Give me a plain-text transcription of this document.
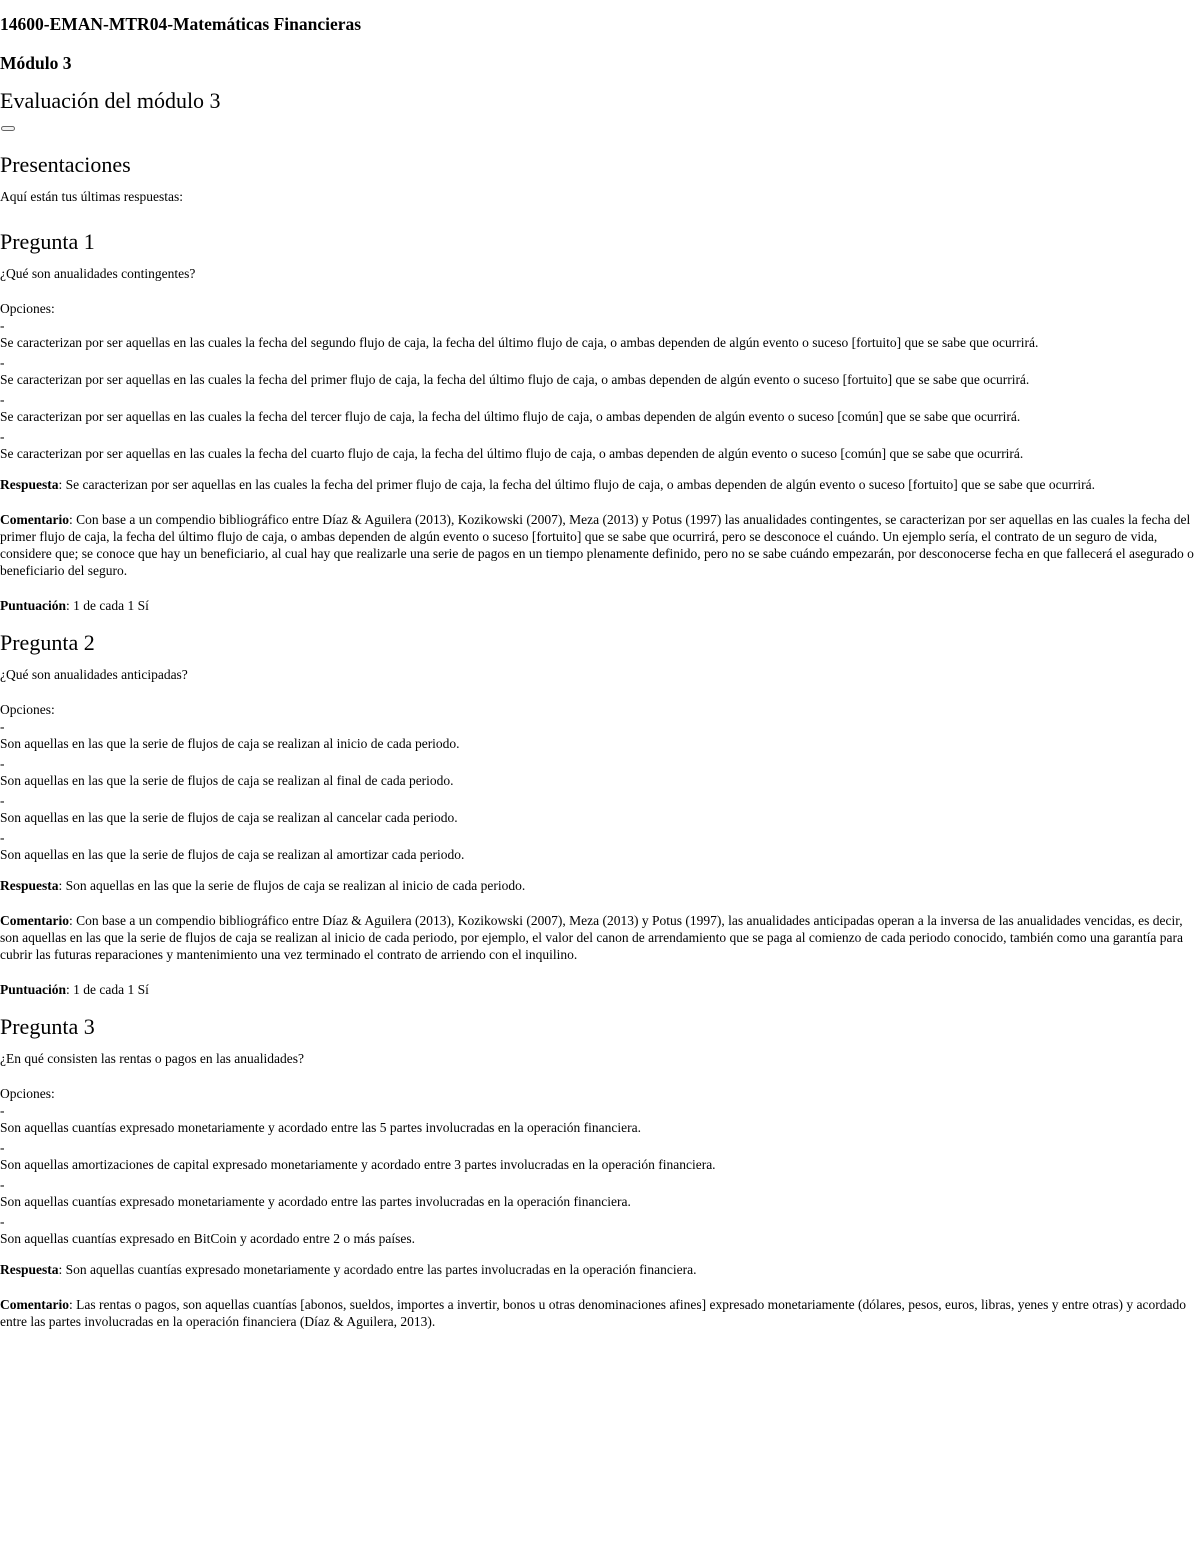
14600-EMAN-MTR04-Matemáticas Financieras
Módulo 3
Evaluación del módulo 3
Presentaciones

Aquí están tus últimas respuestas:

Pregunta 1

¿Qué son anualidades contingentes?

Opciones:

-
Se caracterizan por ser aquellas en las cuales la fecha del segundo flujo de caja, la fecha del último flujo de caja, o ambas dependen de algún evento o suceso [fortuito] que se sabe que ocurrirá.
-
Se caracterizan por ser aquellas en las cuales la fecha del primer flujo de caja, la fecha del último flujo de caja, o ambas dependen de algún evento o suceso [fortuito] que se sabe que ocurrirá.
-
Se caracterizan por ser aquellas en las cuales la fecha del tercer flujo de caja, la fecha del último flujo de caja, o ambas dependen de algún evento o suceso [común] que se sabe que ocurrirá.
-
Se caracterizan por ser aquellas en las cuales la fecha del cuarto flujo de caja, la fecha del último flujo de caja, o ambas dependen de algún evento o suceso [común] que se sabe que ocurrirá.

Respuesta: Se caracterizan por ser aquellas en las cuales la fecha del primer flujo de caja, la fecha del último flujo de caja, o ambas dependen de algún evento o suceso [fortuito] que se sabe que ocurrirá.

Comentario: Con base a un compendio bibliográfico entre Díaz & Aguilera (2013), Kozikowski (2007), Meza (2013) y Potus (1997) las anualidades contingentes, se caracterizan por ser aquellas en las cuales la fecha del primer flujo de caja, la fecha del último flujo de caja, o ambas dependen de algún evento o suceso [fortuito] que se sabe que ocurrirá, pero se desconoce el cuándo. Un ejemplo sería, el contrato de un seguro de vida, considere que; se conoce que hay un beneficiario, al cual hay que realizarle una serie de pagos en un tiempo plenamente definido, pero no se sabe cuándo empezarán, por desconocerse fecha en que fallecerá el asegurado o beneficiario del seguro.

Puntuación: 1 de cada 1 Sí

Pregunta 2

¿Qué son anualidades anticipadas?

Opciones:

-
Son aquellas en las que la serie de flujos de caja se realizan al inicio de cada periodo.
-
Son aquellas en las que la serie de flujos de caja se realizan al final de cada periodo.
-
Son aquellas en las que la serie de flujos de caja se realizan al cancelar cada periodo.
-
Son aquellas en las que la serie de flujos de caja se realizan al amortizar cada periodo.

Respuesta: Son aquellas en las que la serie de flujos de caja se realizan al inicio de cada periodo.

Comentario: Con base a un compendio bibliográfico entre Díaz & Aguilera (2013), Kozikowski (2007), Meza (2013) y Potus (1997), las anualidades anticipadas operan a la inversa de las anualidades vencidas, es decir, son aquellas en las que la serie de flujos de caja se realizan al inicio de cada periodo, por ejemplo, el valor del canon de arrendamiento que se paga al comienzo de cada periodo conocido, también como una garantía para cubrir las futuras reparaciones y mantenimiento una vez terminado el contrato de arriendo con el inquilino.

Puntuación: 1 de cada 1 Sí

Pregunta 3

¿En qué consisten las rentas o pagos en las anualidades?

Opciones:

-
Son aquellas cuantías expresado monetariamente y acordado entre las 5 partes involucradas en la operación financiera.
-
Son aquellas amortizaciones de capital expresado monetariamente y acordado entre 3 partes involucradas en la operación financiera.
-
Son aquellas cuantías expresado monetariamente y acordado entre las partes involucradas en la operación financiera.
-
Son aquellas cuantías expresado en BitCoin y acordado entre 2 o más países.

Respuesta: Son aquellas cuantías expresado monetariamente y acordado entre las partes involucradas en la operación financiera.

Comentario: Las rentas o pagos, son aquellas cuantías [abonos, sueldos, importes a invertir, bonos u otras denominaciones afines] expresado monetariamente (dólares, pesos, euros, libras, yenes y entre otras) y acordado entre las partes involucradas en la operación financiera (Díaz & Aguilera, 2013).
